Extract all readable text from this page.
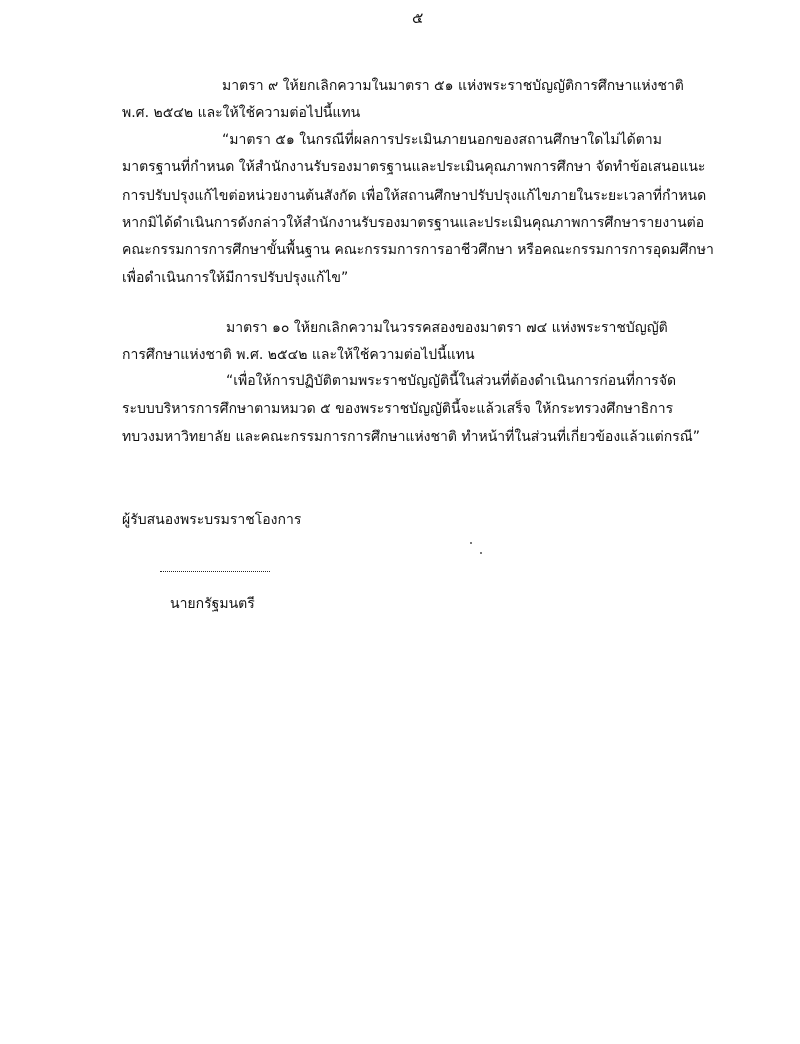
๕
มาตรา ๙ ให้ยกเลิกความในมาตรา ๕๑ แห่งพระราชบัญญัติการศึกษาแห่งชาติ
พ.ศ. ๒๕๔๒ และให้ใช้ความต่อไปนี้แทน
“มาตรา ๕๑ ในกรณีที่ผลการประเมินภายนอกของสถานศึกษาใดไม่ได้ตาม
มาตรฐานที่กำหนด ให้สำนักงานรับรองมาตรฐานและประเมินคุณภาพการศึกษา จัดทำข้อเสนอแนะ
การปรับปรุงแก้ไขต่อหน่วยงานต้นสังกัด เพื่อให้สถานศึกษาปรับปรุงแก้ไขภายในระยะเวลาที่กำหนด
หากมิได้ดำเนินการดังกล่าวให้สำนักงานรับรองมาตรฐานและประเมินคุณภาพการศึกษารายงานต่อ
คณะกรรมการการศึกษาขั้นพื้นฐาน คณะกรรมการการอาชีวศึกษา หรือคณะกรรมการการอุดมศึกษา
เพื่อดำเนินการให้มีการปรับปรุงแก้ไข”
มาตรา ๑๐ ให้ยกเลิกความในวรรคสองของมาตรา ๗๔ แห่งพระราชบัญญัติ
การศึกษาแห่งชาติ พ.ศ. ๒๕๔๒ และให้ใช้ความต่อไปนี้แทน
“เพื่อให้การปฏิบัติตามพระราชบัญญัตินี้ในส่วนที่ต้องดำเนินการก่อนที่การจัด
ระบบบริหารการศึกษาตามหมวด ๕ ของพระราชบัญญัตินี้จะแล้วเสร็จ ให้กระทรวงศึกษาธิการ
ทบวงมหาวิทยาลัย และคณะกรรมการการศึกษาแห่งชาติ ทำหน้าที่ในส่วนที่เกี่ยวข้องแล้วแต่กรณี”
ผู้รับสนองพระบรมราชโองการ
นายกรัฐมนตรี
